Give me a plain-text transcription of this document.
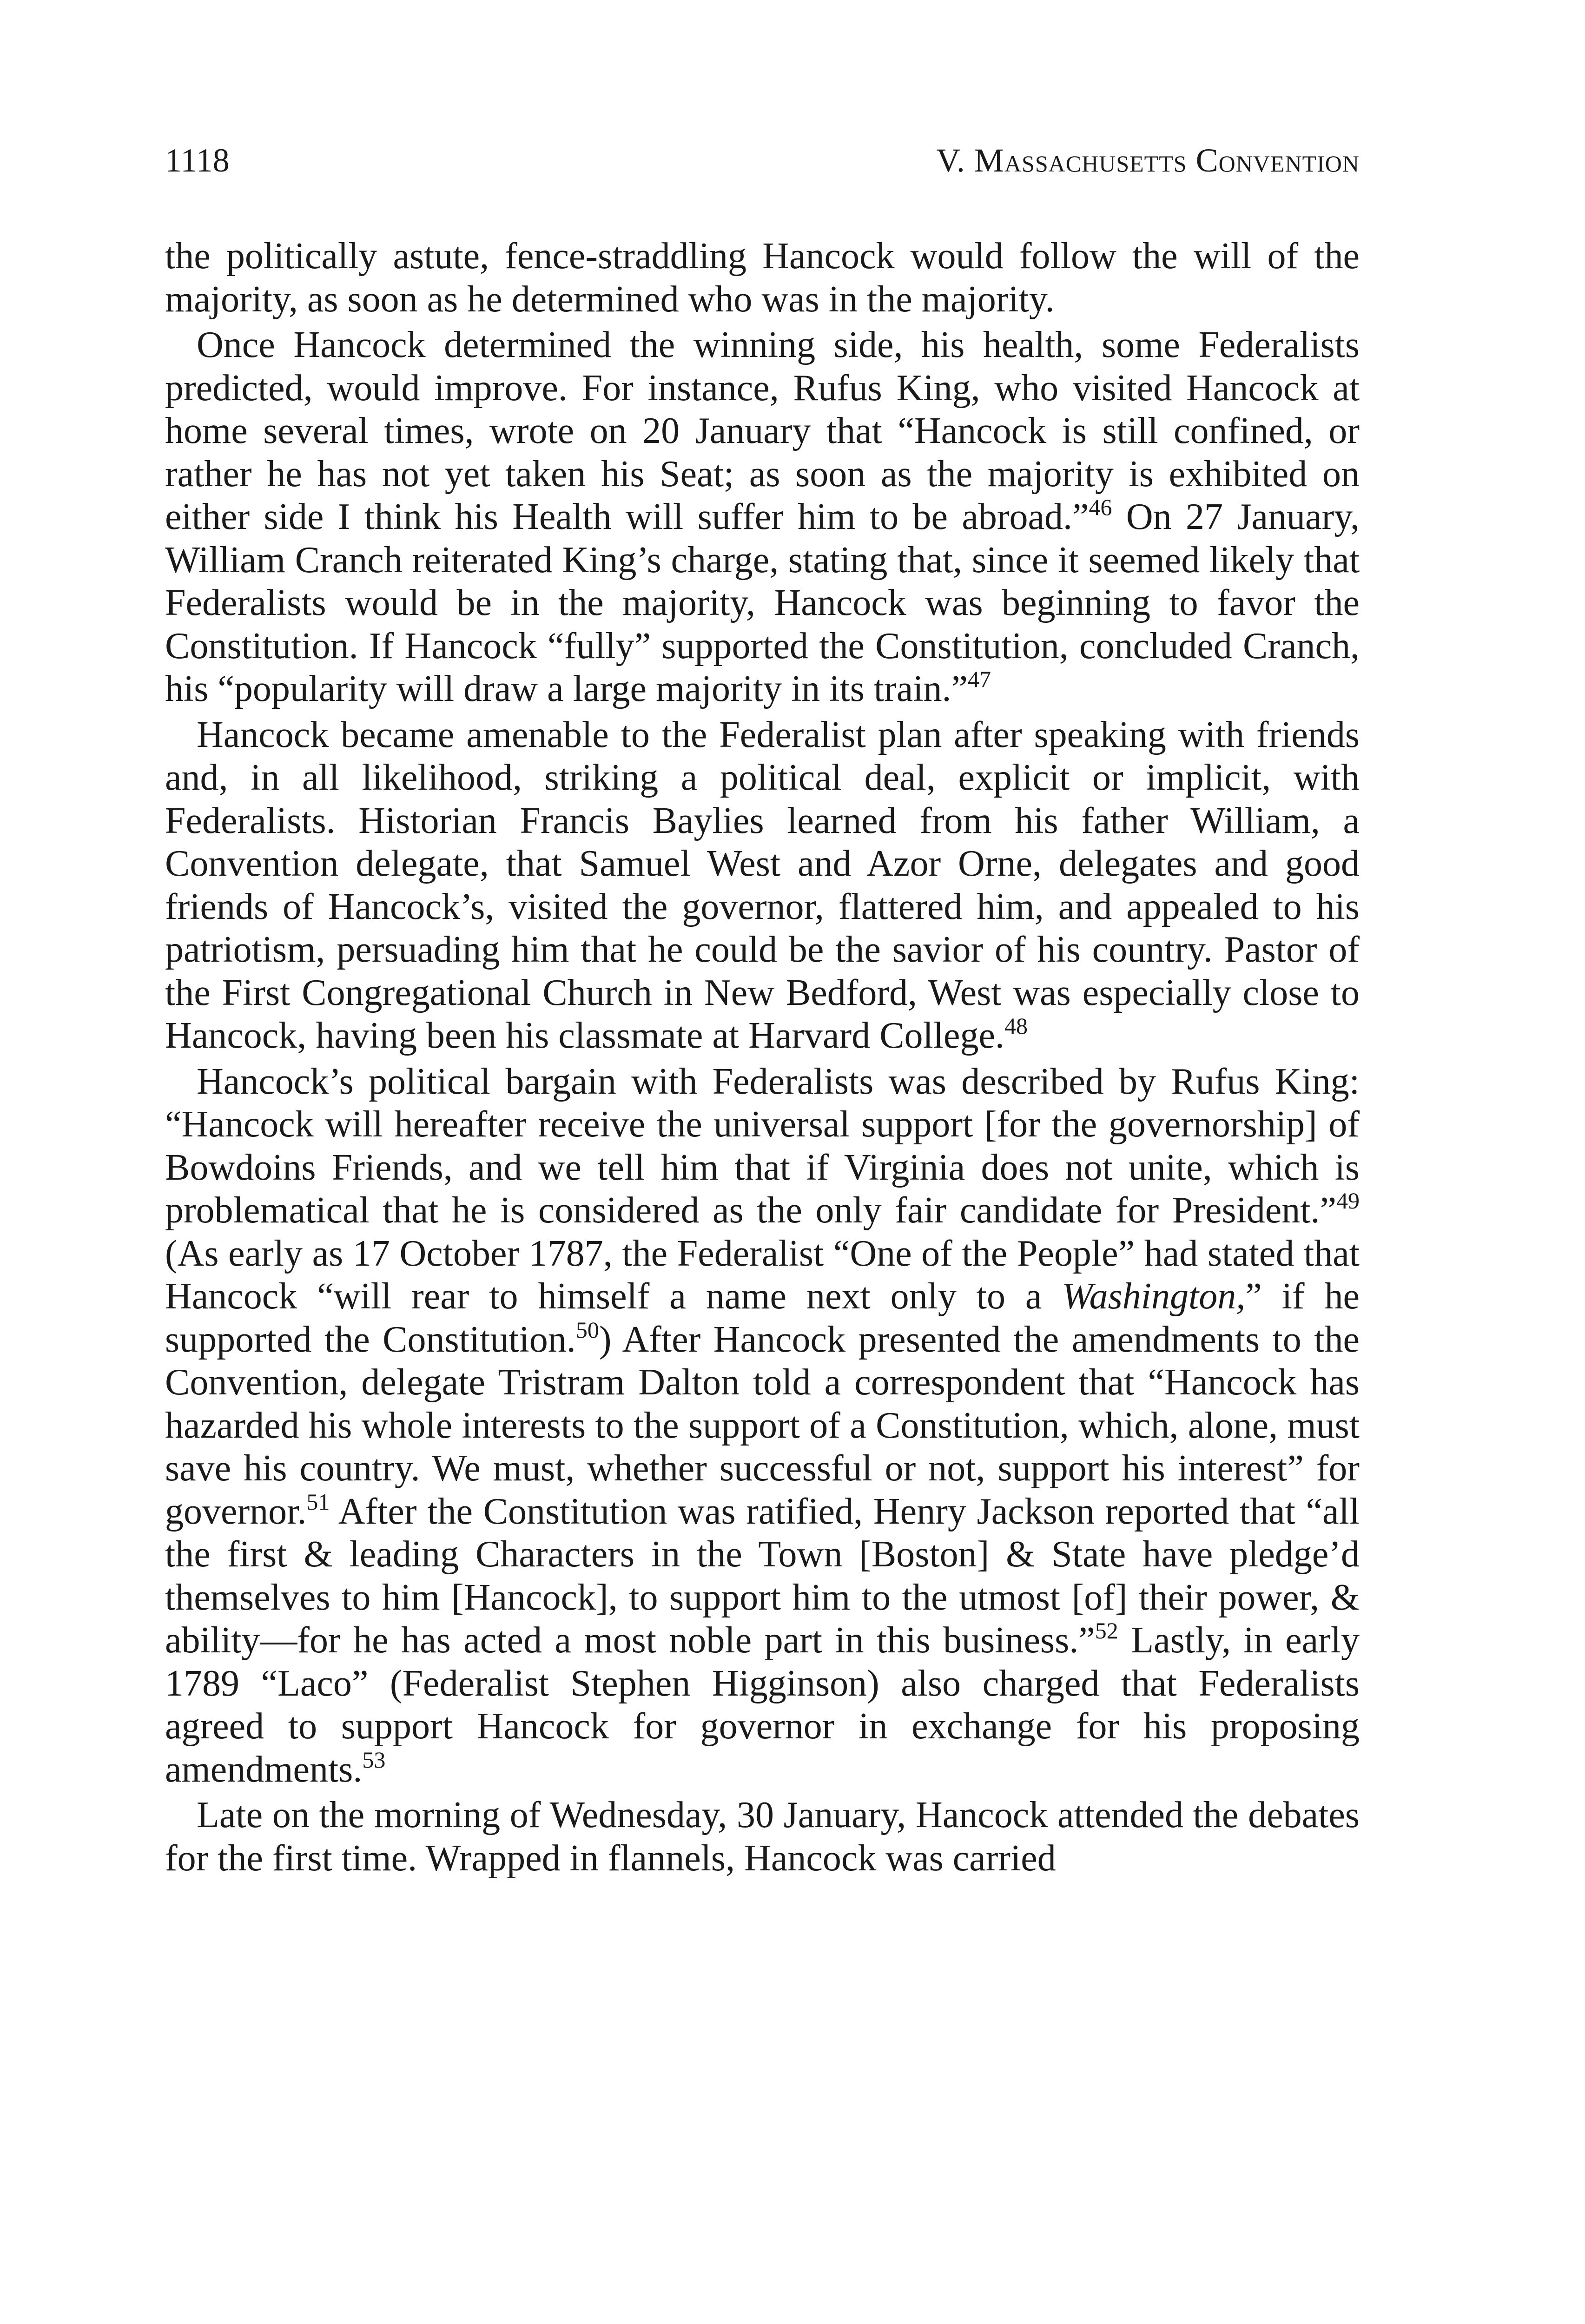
1118	V. Massachusetts Convention

the politically astute, fence-straddling Hancock would follow the will of the majority, as soon as he determined who was in the majority.

Once Hancock determined the winning side, his health, some Federalists predicted, would improve. For instance, Rufus King, who visited Hancock at home several times, wrote on 20 January that “Hancock is still confined, or rather he has not yet taken his Seat; as soon as the majority is exhibited on either side I think his Health will suffer him to be abroad.”$^{46}$ On 27 January, William Cranch reiterated King’s charge, stating that, since it seemed likely that Federalists would be in the majority, Hancock was beginning to favor the Constitution. If Hancock “fully” supported the Constitution, concluded Cranch, his “popularity will draw a large majority in its train.”$^{47}$

Hancock became amenable to the Federalist plan after speaking with friends and, in all likelihood, striking a political deal, explicit or implicit, with Federalists. Historian Francis Baylies learned from his father William, a Convention delegate, that Samuel West and Azor Orne, delegates and good friends of Hancock’s, visited the governor, flattered him, and appealed to his patriotism, persuading him that he could be the savior of his country. Pastor of the First Congregational Church in New Bedford, West was especially close to Hancock, having been his classmate at Harvard College.$^{48}$

Hancock’s political bargain with Federalists was described by Rufus King: “Hancock will hereafter receive the universal support [for the governorship] of Bowdoins Friends, and we tell him that if Virginia does not unite, which is problematical that he is considered as the only fair candidate for President.”$^{49}$ (As early as 17 October 1787, the Federalist “One of the People” had stated that Hancock “will rear to himself a name next only to a Washington,” if he supported the Constitution.$^{50}$) After Hancock presented the amendments to the Convention, delegate Tristram Dalton told a correspondent that “Hancock has hazarded his whole interests to the support of a Constitution, which, alone, must save his country. We must, whether successful or not, support his interest” for governor.$^{51}$ After the Constitution was ratified, Henry Jackson reported that “all the first & leading Characters in the Town [Boston] & State have pledge’d themselves to him [Hancock], to support him to the utmost [of] their power, & ability—for he has acted a most noble part in this business.”$^{52}$ Lastly, in early 1789 “Laco” (Federalist Stephen Higginson) also charged that Federalists agreed to support Hancock for governor in exchange for his proposing amendments.$^{53}$

Late on the morning of Wednesday, 30 January, Hancock attended the debates for the first time. Wrapped in flannels, Hancock was carried
